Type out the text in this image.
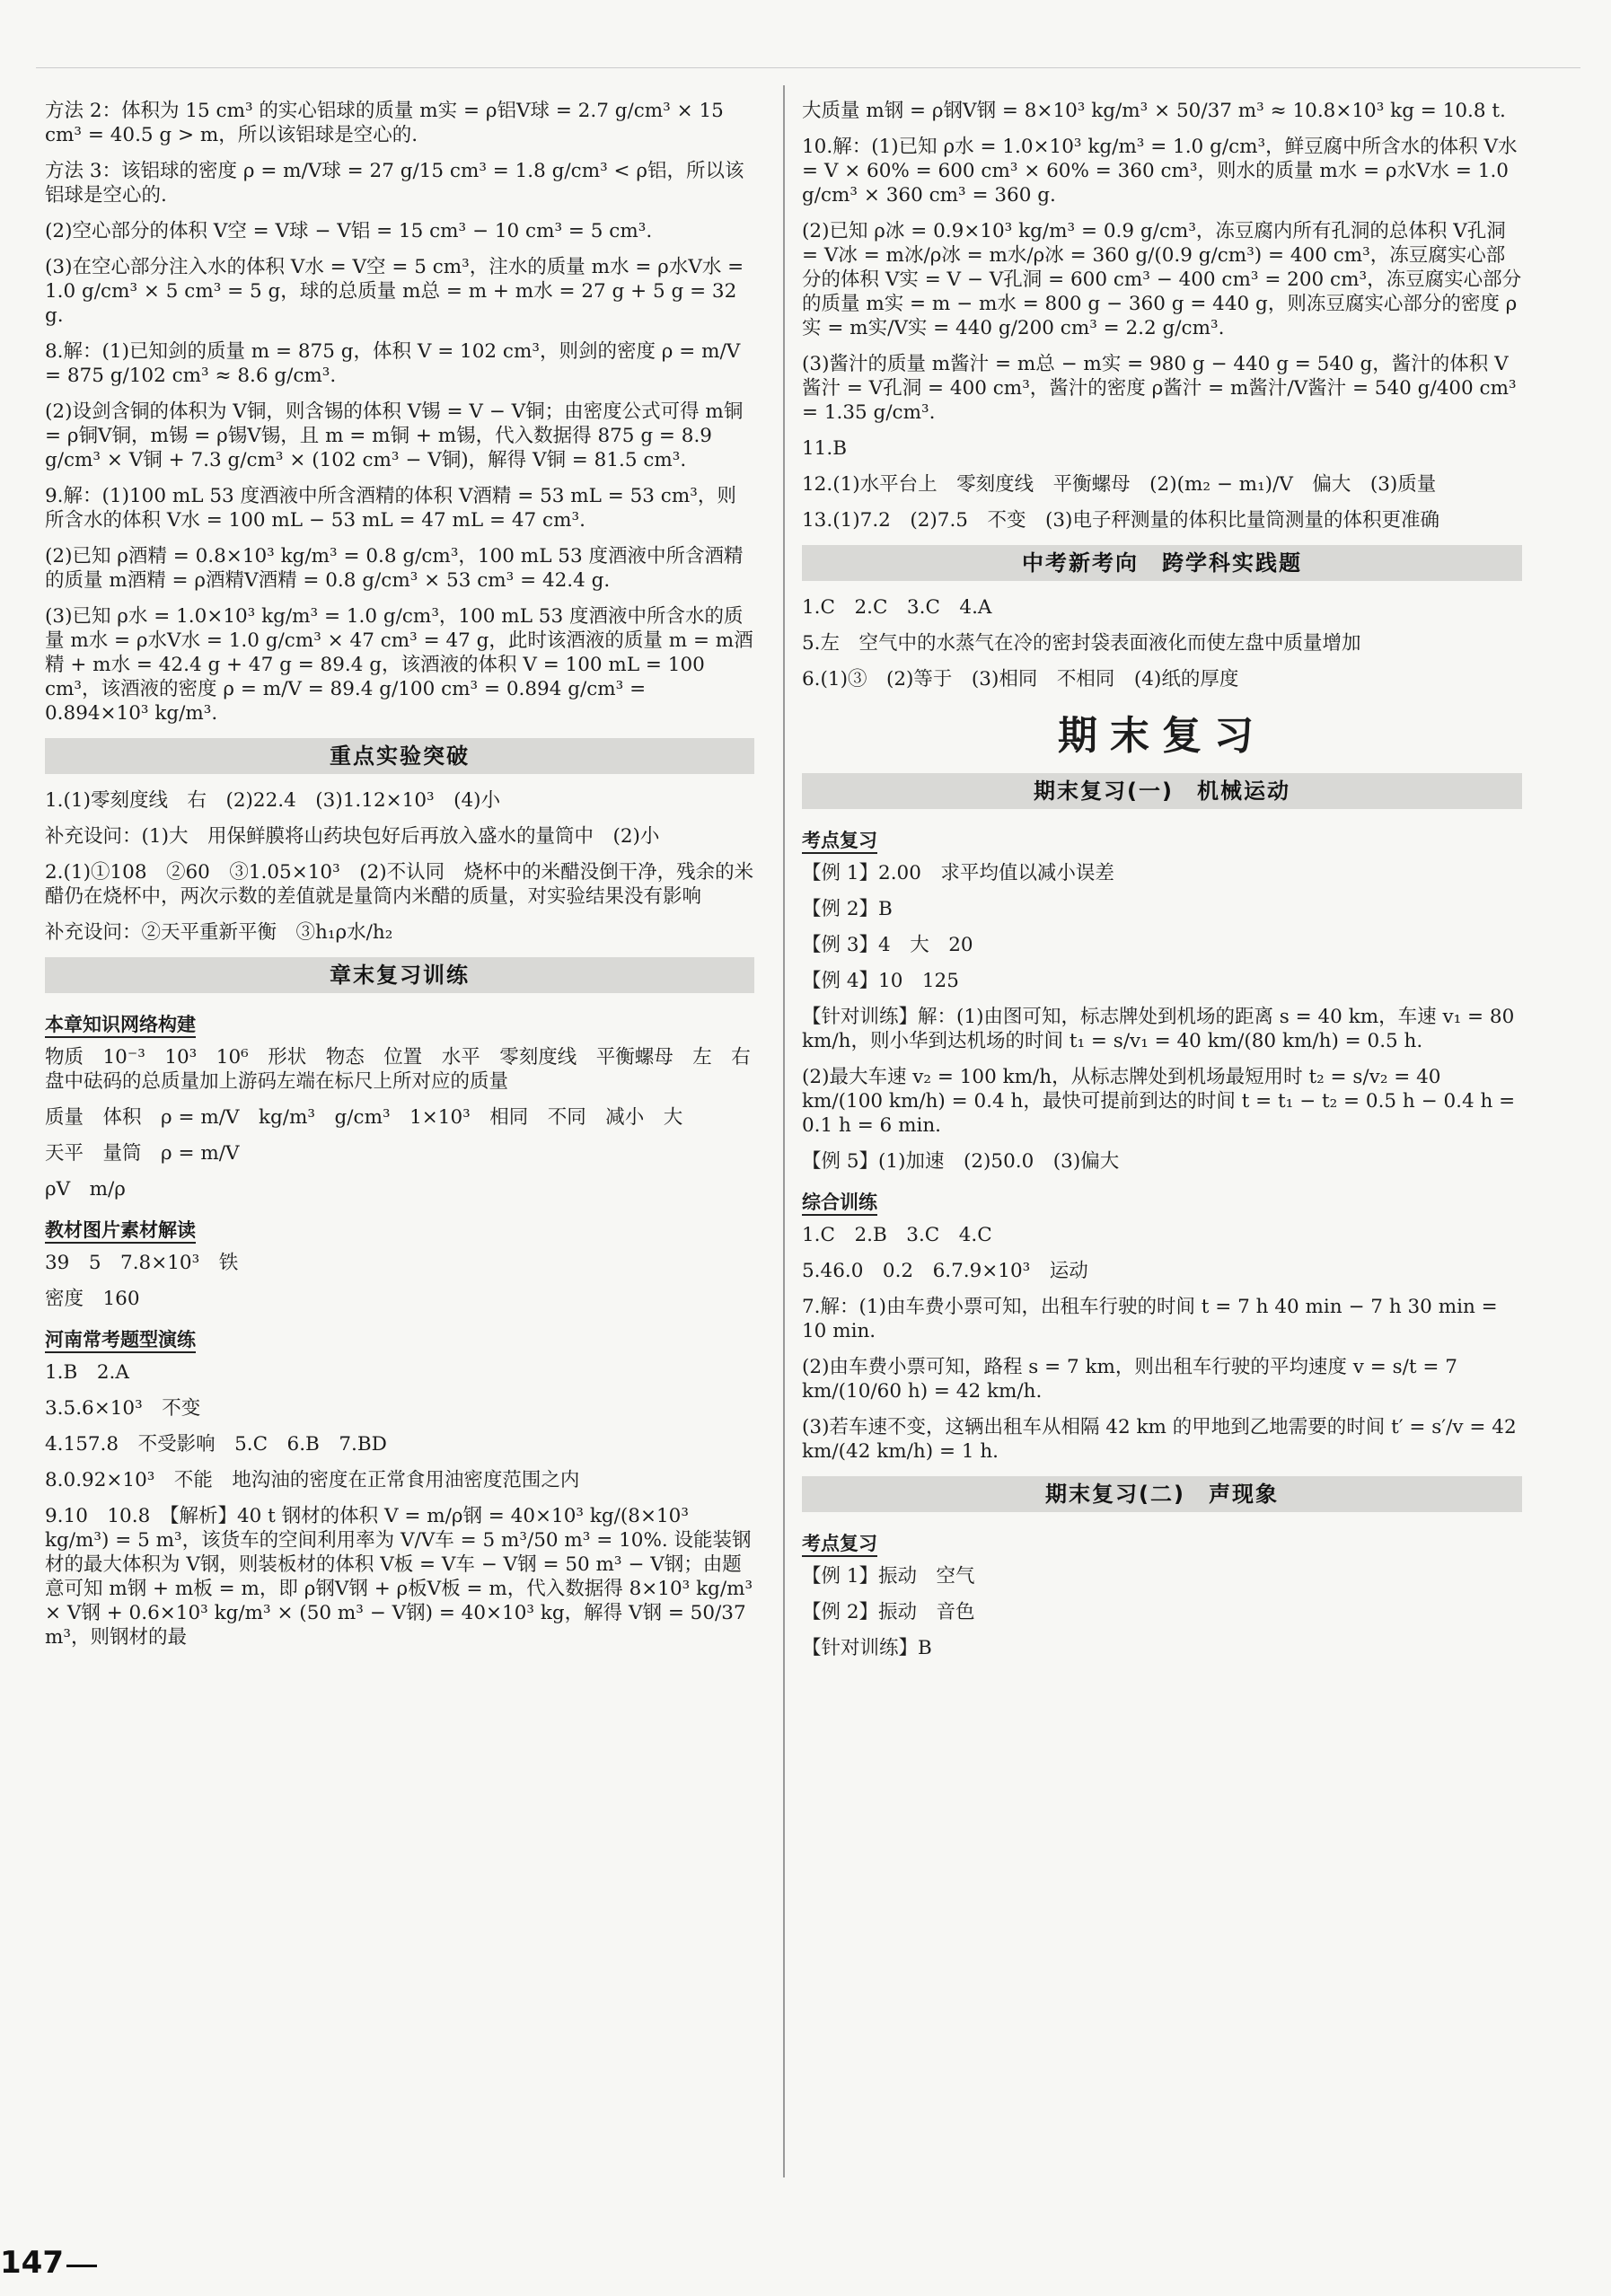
方法 2：体积为 15 cm³ 的实心铝球的质量 m实 = ρ铝V球 = 2.7 g/cm³ × 15 cm³ = 40.5 g > m，所以该铝球是空心的.
方法 3：该铝球的密度 ρ = m/V球 = 27 g/15 cm³ = 1.8 g/cm³ < ρ铝，所以该铝球是空心的.
(2)空心部分的体积 V空 = V球 − V铝 = 15 cm³ − 10 cm³ = 5 cm³.
(3)在空心部分注入水的体积 V水 = V空 = 5 cm³，注水的质量 m水 = ρ水V水 = 1.0 g/cm³ × 5 cm³ = 5 g，球的总质量 m总 = m + m水 = 27 g + 5 g = 32 g.
8.解：(1)已知剑的质量 m = 875 g，体积 V = 102 cm³，则剑的密度 ρ = m/V = 875 g/102 cm³ ≈ 8.6 g/cm³.
(2)设剑含铜的体积为 V铜，则含锡的体积 V锡 = V − V铜；由密度公式可得 m铜 = ρ铜V铜，m锡 = ρ锡V锡，且 m = m铜 + m锡，代入数据得 875 g = 8.9 g/cm³ × V铜 + 7.3 g/cm³ × (102 cm³ − V铜)，解得 V铜 = 81.5 cm³.
9.解：(1)100 mL 53 度酒液中所含酒精的体积 V酒精 = 53 mL = 53 cm³，则所含水的体积 V水 = 100 mL − 53 mL = 47 mL = 47 cm³.
(2)已知 ρ酒精 = 0.8×10³ kg/m³ = 0.8 g/cm³，100 mL 53 度酒液中所含酒精的质量 m酒精 = ρ酒精V酒精 = 0.8 g/cm³ × 53 cm³ = 42.4 g.
(3)已知 ρ水 = 1.0×10³ kg/m³ = 1.0 g/cm³，100 mL 53 度酒液中所含水的质量 m水 = ρ水V水 = 1.0 g/cm³ × 47 cm³ = 47 g，此时该酒液的质量 m = m酒精 + m水 = 42.4 g + 47 g = 89.4 g，该酒液的体积 V = 100 mL = 100 cm³，该酒液的密度 ρ = m/V = 89.4 g/100 cm³ = 0.894 g/cm³ = 0.894×10³ kg/m³.
重点实验突破
1.(1)零刻度线　右　(2)22.4　(3)1.12×10³　(4)小
补充设问：(1)大　用保鲜膜将山药块包好后再放入盛水的量筒中　(2)小
2.(1)①108　②60　③1.05×10³　(2)不认同　烧杯中的米醋没倒干净，残余的米醋仍在烧杯中，两次示数的差值就是量筒内米醋的质量，对实验结果没有影响
补充设问：②天平重新平衡　③h₁ρ水/h₂
章末复习训练
本章知识网络构建
物质　10⁻³　10³　10⁶　形状　物态　位置　水平　零刻度线　平衡螺母　左　右　盘中砝码的总质量加上游码左端在标尺上所对应的质量
质量　体积　ρ = m/V　kg/m³　g/cm³　1×10³　相同　不同　减小　大
天平　量筒　ρ = m/V
ρV　m/ρ
教材图片素材解读
39　5　7.8×10³　铁
密度　160
河南常考题型演练
1.B　2.A
3.5.6×10³　不变
4.157.8　不受影响　5.C　6.B　7.BD
8.0.92×10³　不能　地沟油的密度在正常食用油密度范围之内
9.10　10.8　【解析】40 t 钢材的体积 V = m/ρ钢 = 40×10³ kg/(8×10³ kg/m³) = 5 m³，该货车的空间利用率为 V/V车 = 5 m³/50 m³ = 10%. 设能装钢材的最大体积为 V钢，则装板材的体积 V板 = V车 − V钢 = 50 m³ − V钢；由题意可知 m钢 + m板 = m，即 ρ钢V钢 + ρ板V板 = m，代入数据得 8×10³ kg/m³ × V钢 + 0.6×10³ kg/m³ × (50 m³ − V钢) = 40×10³ kg，解得 V钢 = 50/37 m³，则钢材的最
大质量 m钢 = ρ钢V钢 = 8×10³ kg/m³ × 50/37 m³ ≈ 10.8×10³ kg = 10.8 t.
10.解：(1)已知 ρ水 = 1.0×10³ kg/m³ = 1.0 g/cm³，鲜豆腐中所含水的体积 V水 = V × 60% = 600 cm³ × 60% = 360 cm³，则水的质量 m水 = ρ水V水 = 1.0 g/cm³ × 360 cm³ = 360 g.
(2)已知 ρ冰 = 0.9×10³ kg/m³ = 0.9 g/cm³，冻豆腐内所有孔洞的总体积 V孔洞 = V冰 = m冰/ρ冰 = m水/ρ冰 = 360 g/(0.9 g/cm³) = 400 cm³，冻豆腐实心部分的体积 V实 = V − V孔洞 = 600 cm³ − 400 cm³ = 200 cm³，冻豆腐实心部分的质量 m实 = m − m水 = 800 g − 360 g = 440 g，则冻豆腐实心部分的密度 ρ实 = m实/V实 = 440 g/200 cm³ = 2.2 g/cm³.
(3)酱汁的质量 m酱汁 = m总 − m实 = 980 g − 440 g = 540 g，酱汁的体积 V酱汁 = V孔洞 = 400 cm³，酱汁的密度 ρ酱汁 = m酱汁/V酱汁 = 540 g/400 cm³ = 1.35 g/cm³.
11.B
12.(1)水平台上　零刻度线　平衡螺母　(2)(m₂ − m₁)/V　偏大　(3)质量
13.(1)7.2　(2)7.5　不变　(3)电子秤测量的体积比量筒测量的体积更准确
中考新考向　跨学科实践题
1.C　2.C　3.C　4.A
5.左　空气中的水蒸气在冷的密封袋表面液化而使左盘中质量增加
6.(1)③　(2)等于　(3)相同　不相同　(4)纸的厚度
期末复习
期末复习(一)　机械运动
考点复习
【例 1】2.00　求平均值以减小误差
【例 2】B
【例 3】4　大　20
【例 4】10　125
【针对训练】解：(1)由图可知，标志牌处到机场的距离 s = 40 km，车速 v₁ = 80 km/h，则小华到达机场的时间 t₁ = s/v₁ = 40 km/(80 km/h) = 0.5 h.
(2)最大车速 v₂ = 100 km/h，从标志牌处到机场最短用时 t₂ = s/v₂ = 40 km/(100 km/h) = 0.4 h，最快可提前到达的时间 t = t₁ − t₂ = 0.5 h − 0.4 h = 0.1 h = 6 min.
【例 5】(1)加速　(2)50.0　(3)偏大
综合训练
1.C　2.B　3.C　4.C
5.46.0　0.2　6.7.9×10³　运动
7.解：(1)由车费小票可知，出租车行驶的时间 t = 7 h 40 min − 7 h 30 min = 10 min.
(2)由车费小票可知，路程 s = 7 km，则出租车行驶的平均速度 v = s/t = 7 km/(10/60 h) = 42 km/h.
(3)若车速不变，这辆出租车从相隔 42 km 的甲地到乙地需要的时间 t′ = s′/v = 42 km/(42 km/h) = 1 h.
期末复习(二)　声现象
考点复习
【例 1】振动　空气
【例 2】振动　音色
【针对训练】B
147
